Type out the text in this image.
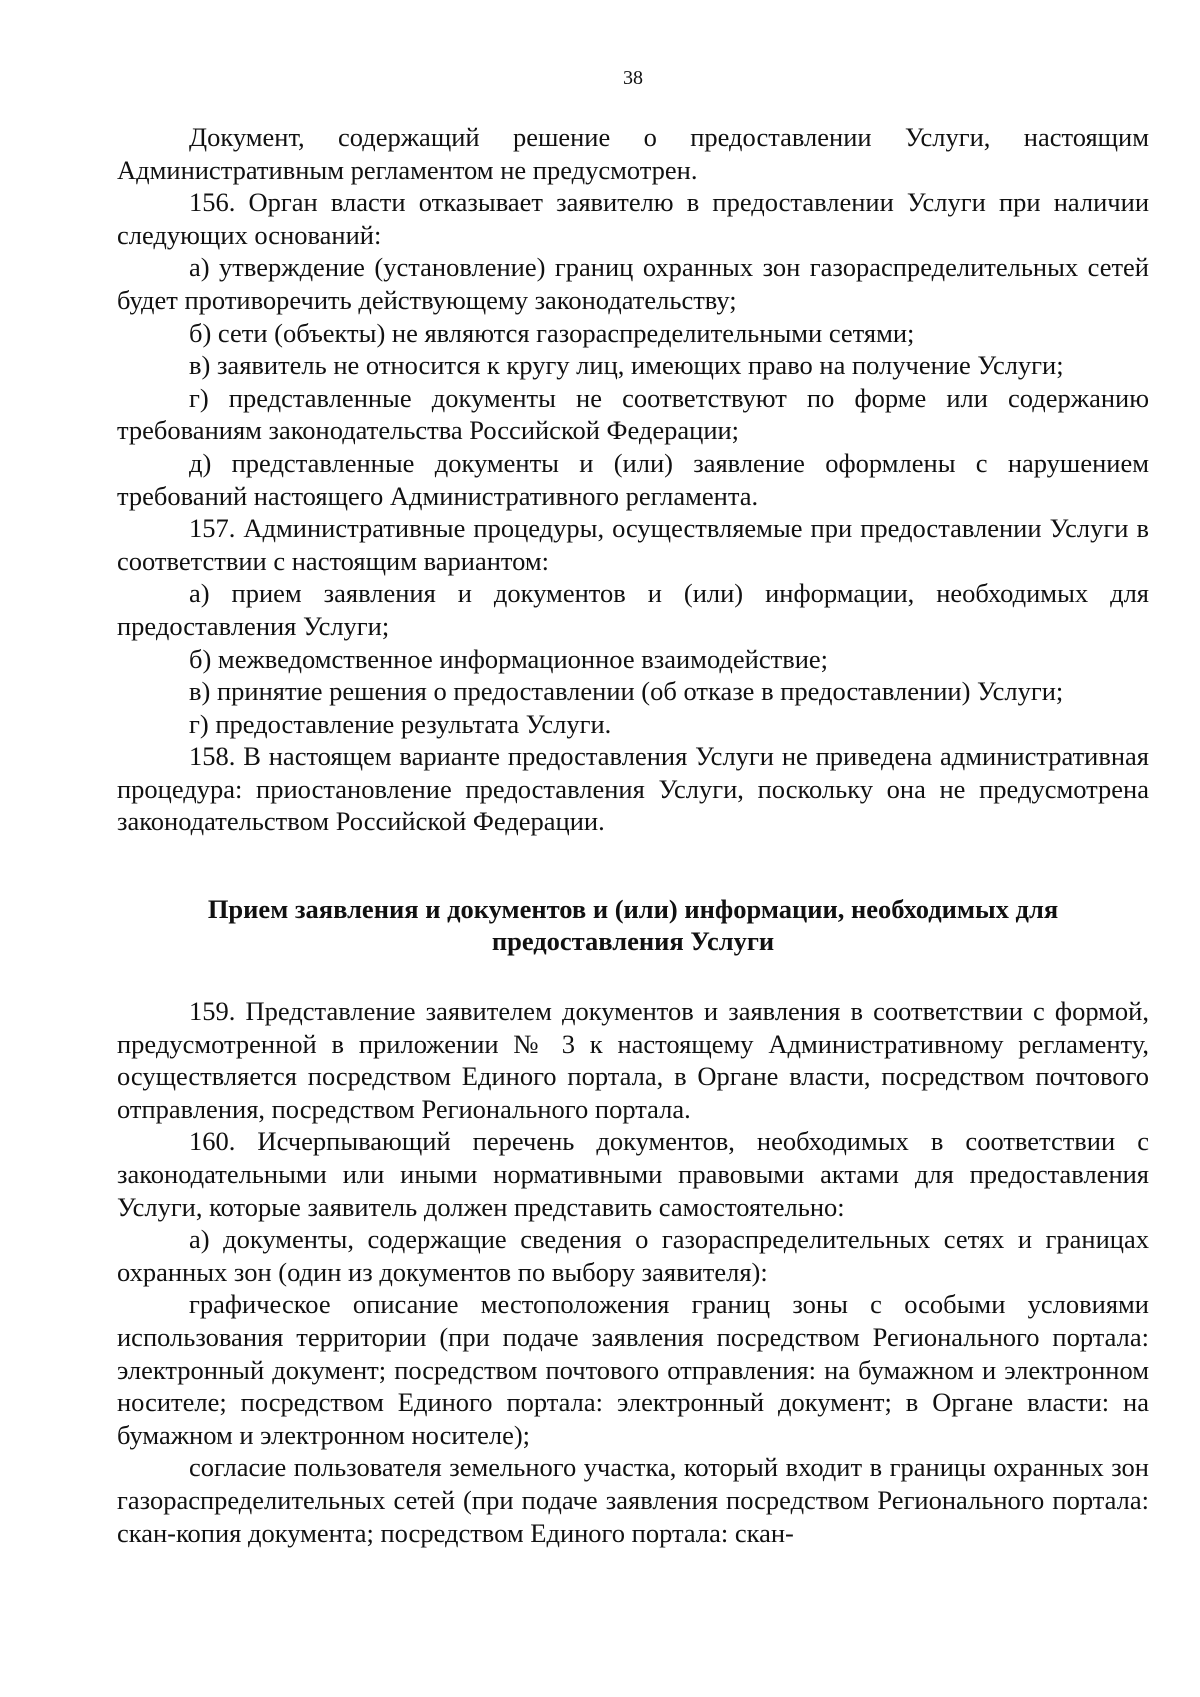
38

Документ, содержащий решение о предоставлении Услуги, настоящим Административным регламентом не предусмотрен.

156. Орган власти отказывает заявителю в предоставлении Услуги при наличии следующих оснований:

а) утверждение (установление) границ охранных зон газораспределительных сетей будет противоречить действующему законодательству;

б) сети (объекты) не являются газораспределительными сетями;

в) заявитель не относится к кругу лиц, имеющих право на получение Услуги;

г) представленные документы не соответствуют по форме или содержанию требованиям законодательства Российской Федерации;

д) представленные документы и (или) заявление оформлены с нарушением требований настоящего Административного регламента.

157. Административные процедуры, осуществляемые при предоставлении Услуги в соответствии с настоящим вариантом:

а) прием заявления и документов и (или) информации, необходимых для предоставления Услуги;

б) межведомственное информационное взаимодействие;

в) принятие решения о предоставлении (об отказе в предоставлении) Услуги;

г) предоставление результата Услуги.

158. В настоящем варианте предоставления Услуги не приведена административная процедура: приостановление предоставления Услуги, поскольку она не предусмотрена законодательством Российской Федерации.

Прием заявления и документов и (или) информации, необходимых для
предоставления Услуги

159. Представление заявителем документов и заявления в соответствии с формой, предусмотренной в приложении № 3 к настоящему Административному регламенту, осуществляется посредством Единого портала, в Органе власти, посредством почтового отправления, посредством Регионального портала.

160. Исчерпывающий перечень документов, необходимых в соответствии с законодательными или иными нормативными правовыми актами для предоставления Услуги, которые заявитель должен представить самостоятельно:

а) документы, содержащие сведения о газораспределительных сетях и границах охранных зон (один из документов по выбору заявителя):

графическое описание местоположения границ зоны с особыми условиями использования территории (при подаче заявления посредством Регионального портала: электронный документ; посредством почтового отправления: на бумажном и электронном носителе; посредством Единого портала: электронный документ; в Органе власти: на бумажном и электронном носителе);

согласие пользователя земельного участка, который входит в границы охранных зон газораспределительных сетей (при подаче заявления посредством Регионального портала: скан-копия документа; посредством Единого портала: скан-
